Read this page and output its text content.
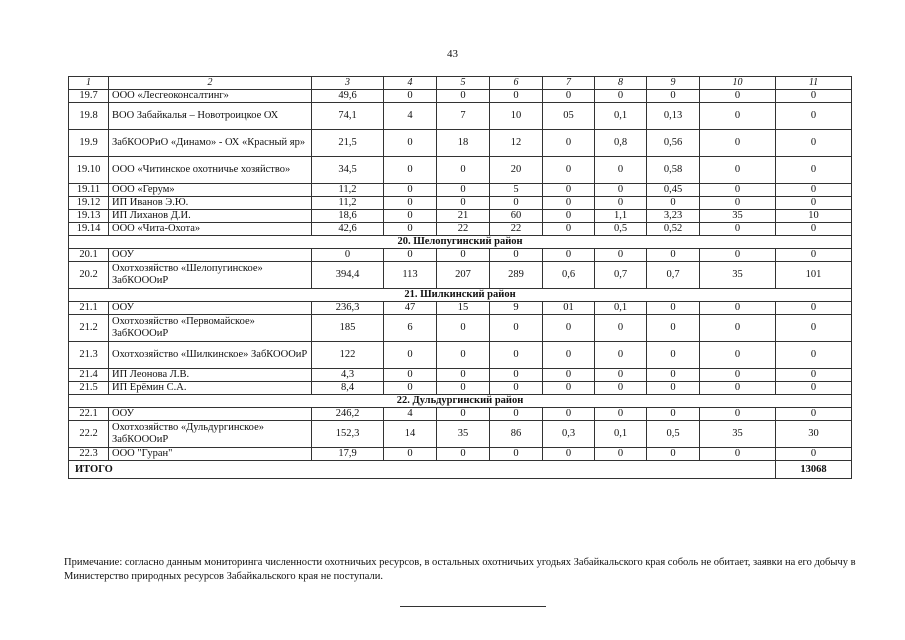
43
1	2	3	4	5	6	7	8	9	10	11
19.7	ООО «Лесгеоконсалтинг»	49,6	0	0	0	0	0	0	0	0
19.8	ВОО Забайкалья – Новотроицкое ОХ	74,1	4	7	10	05	0,1	0,13	0	0
19.9	ЗабКООРиО «Динамо» - ОХ «Красный яр»	21,5	0	18	12	0	0,8	0,56	0	0
19.10	ООО «Читинское охотничье хозяйство»	34,5	0	0	20	0	0	0,58	0	0
19.11	ООО «Герум»	11,2	0	0	5	0	0	0,45	0	0
19.12	ИП Иванов Э.Ю.	11,2	0	0	0	0	0	0	0	0
19.13	ИП Лиханов Д.И.	18,6	0	21	60	0	1,1	3,23	35	10
19.14	ООО «Чита-Охота»	42,6	0	22	22	0	0,5	0,52	0	0
20. Шелопугинский район										
20.1	ООУ	0	0	0	0	0	0	0	0	0
20.2	Охотхозяйство «Шелопугинское» ЗабКОООиР	394,4	113	207	289	0,6	0,7	0,7	35	101
21. Шилкинский район										
21.1	ООУ	236,3	47	15	9	01	0,1	0	0	0
21.2	Охотхозяйство «Первомайское» ЗабКОООиР	185	6	0	0	0	0	0	0	0
21.3	Охотхозяйство «Шилкинское» ЗабКОООиР	122	0	0	0	0	0	0	0	0
21.4	ИП Леонова Л.В.	4,3	0	0	0	0	0	0	0	0
21.5	ИП Ерёмин С.А.	8,4	0	0	0	0	0	0	0	0
22. Дульдургинский район										
22.1	ООУ	246,2	4	0	0	0	0	0	0	0
22.2	Охотхозяйство «Дульдургинское» ЗабКОООиР	152,3	14	35	86	0,3	0,1	0,5	35	30
22.3	ООО "Гуран"	17,9	0	0	0	0	0	0	0	0
ИТОГО										13068
Примечание: согласно данным мониторинга численности охотничьих ресурсов, в остальных охотничьих угодьях Забайкальского края соболь не обитает, заявки на его добычу в Министерство природных ресурсов Забайкальского края не поступали.
